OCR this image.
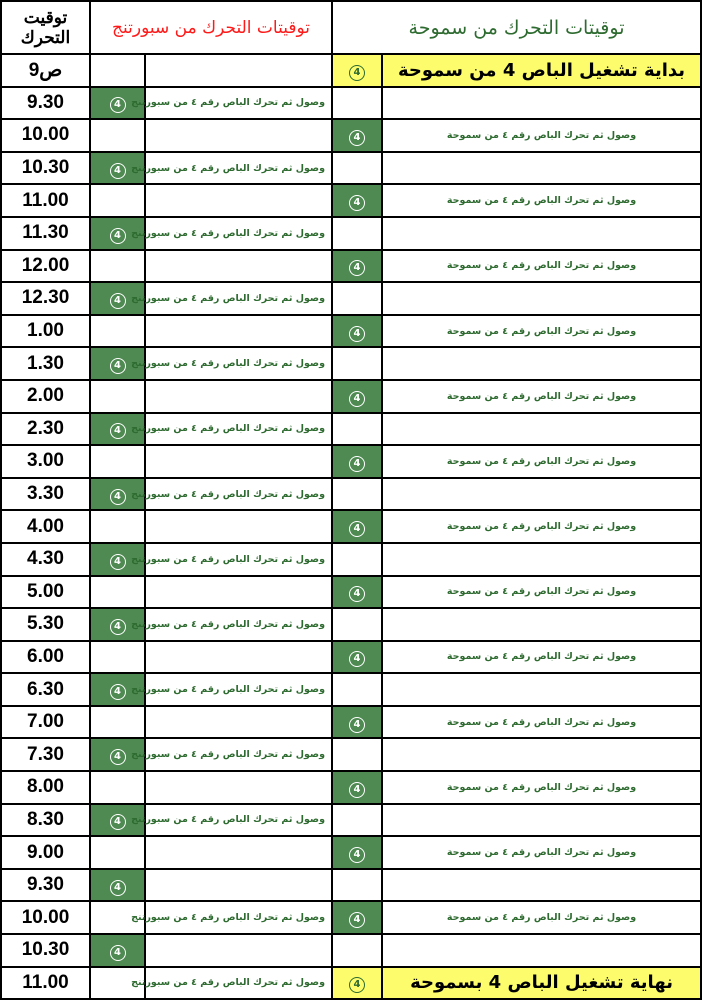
توقيت التحرك	توقيتات التحرك من سبورتنج		توقيتات التحرك من سموحة	
9ص			4	بداية تشغيل الباص 4 من سموحة
9.30	4	وصول ثم تحرك الباص رقم ٤ من سبورتنج		
10.00			4	وصول ثم تحرك الباص رقم ٤ من سموحة
10.30	4	وصول ثم تحرك الباص رقم ٤ من سبورتنج		
11.00			4	وصول ثم تحرك الباص رقم ٤ من سموحة
11.30	4	وصول ثم تحرك الباص رقم ٤ من سبورتنج		
12.00			4	وصول ثم تحرك الباص رقم ٤ من سموحة
12.30	4	وصول ثم تحرك الباص رقم ٤ من سبورتنج		
1.00			4	وصول ثم تحرك الباص رقم ٤ من سموحة
1.30	4	وصول ثم تحرك الباص رقم ٤ من سبورتنج		
2.00			4	وصول ثم تحرك الباص رقم ٤ من سموحة
2.30	4	وصول ثم تحرك الباص رقم ٤ من سبورتنج		
3.00			4	وصول ثم تحرك الباص رقم ٤ من سموحة
3.30	4	وصول ثم تحرك الباص رقم ٤ من سبورتنج		
4.00			4	وصول ثم تحرك الباص رقم ٤ من سموحة
4.30	4	وصول ثم تحرك الباص رقم ٤ من سبورتنج		
5.00			4	وصول ثم تحرك الباص رقم ٤ من سموحة
5.30	4	وصول ثم تحرك الباص رقم ٤ من سبورتنج		
6.00			4	وصول ثم تحرك الباص رقم ٤ من سموحة
6.30	4	وصول ثم تحرك الباص رقم ٤ من سبورتنج		
7.00			4	وصول ثم تحرك الباص رقم ٤ من سموحة
7.30	4	وصول ثم تحرك الباص رقم ٤ من سبورتنج		
8.00			4	وصول ثم تحرك الباص رقم ٤ من سموحة
8.30	4	وصول ثم تحرك الباص رقم ٤ من سبورتنج		
9.00			4	وصول ثم تحرك الباص رقم ٤ من سموحة
9.30	4			
10.00		وصول ثم تحرك الباص رقم ٤ من سبورتنج	4	وصول ثم تحرك الباص رقم ٤ من سموحة
10.30	4			
11.00		وصول ثم تحرك الباص رقم ٤ من سبورتنج	4	نهاية تشغيل الباص 4 بسموحة
